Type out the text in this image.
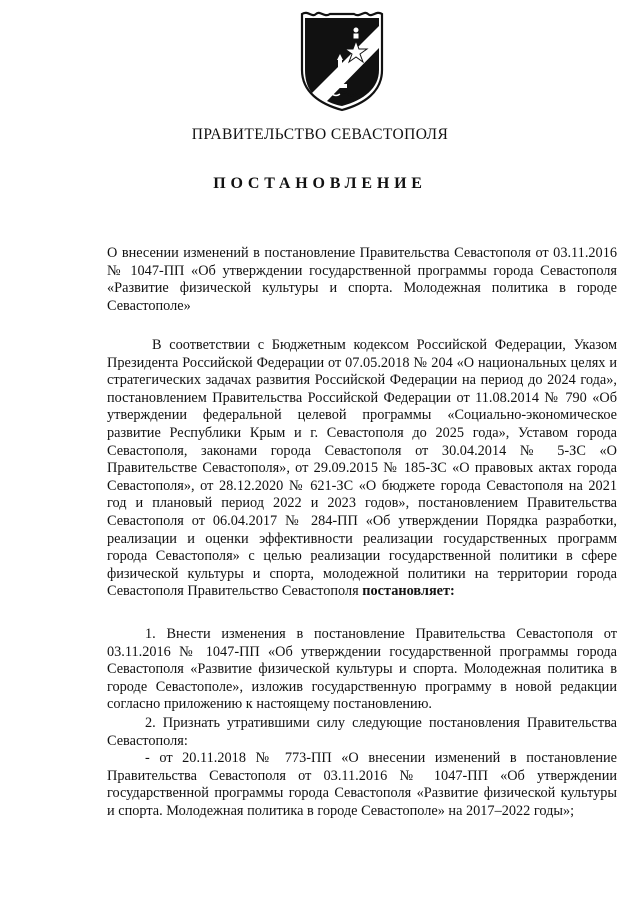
ПРАВИТЕЛЬСТВО СЕВАСТОПОЛЯ
ПОСТАНОВЛЕНИЕ
О внесении изменений в постановление Правительства Севастополя от 03.11.2016 № 1047-ПП «Об утверждении государственной программы города Севастополя «Развитие физической культуры и спорта. Молодежная политика в городе Севастополе»
В соответствии с Бюджетным кодексом Российской Федерации, Указом Президента Российской Федерации от 07.05.2018 № 204 «О национальных целях и стратегических задачах развития Российской Федерации на период до 2024 года», постановлением Правительства Российской Федерации от 11.08.2014 № 790 «Об утверждении федеральной целевой программы «Социально-экономическое развитие Республики Крым и г. Севастополя до 2025 года», Уставом города Севастополя, законами города Севастополя от 30.04.2014 № 5-ЗС «О Правительстве Севастополя», от 29.09.2015 № 185-ЗС «О правовых актах города Севастополя», от 28.12.2020 № 621-ЗС «О бюджете города Севастополя на 2021 год и плановый период 2022 и 2023 годов», постановлением Правительства Севастополя от 06.04.2017 № 284-ПП «Об утверждении Порядка разработки, реализации и оценки эффективности реализации государственных программ города Севастополя» с целью реализации государственной политики в сфере физической культуры и спорта, молодежной политики на территории города Севастополя Правительство Севастополя постановляет:
1. Внести изменения в постановление Правительства Севастополя от 03.11.2016 № 1047-ПП «Об утверждении государственной программы города Севастополя «Развитие физической культуры и спорта. Молодежная политика в городе Севастополе», изложив государственную программу в новой редакции согласно приложению к настоящему постановлению.
2. Признать утратившими силу следующие постановления Правительства Севастополя:
- от 20.11.2018 № 773-ПП «О внесении изменений в постановление Правительства Севастополя от 03.11.2016 № 1047-ПП «Об утверждении государственной программы города Севастополя «Развитие физической культуры и спорта. Молодежная политика в городе Севастополе» на 2017–2022 годы»;
